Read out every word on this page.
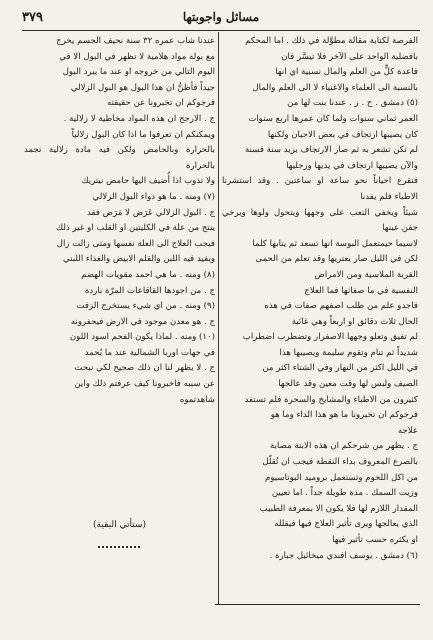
٣٧٩	مسائل واجوبتها

الفرصة لكتابة مقالة مطوَّلة في ذلك . اما المحكم

بافضلية الواحد على الآخر فلا تيسَّر فان

فاعدة كلٍّ من العلم والمال نسبية اي انها

بالنسبة الى العلماء والاغنياء لا الى العلم والمال

(٥) دمشق . ح . ز . عندنا بنت لها من

العمر ثماني سنوات ولما كان عمرها اربع سنوات

كان يصيبها ارتجاف في بعض الاحيان ولكنها

لم تكن تشعر به ثم صار الارتجاف يزيد سنة فسنة

والآن يصيبها ارتجاف في يديها ورجليها

فتقرع احياناً نحو ساعة او ساعتين . وقد استشرنا الاطباء فلم يفدنا

شيئاً ويخفي التعب على وجهها ويتحول ولوها ويرخي جفن عينها

لاسيما حيمتعمل البوسة انها تسعد ثم يتابها كلما

لكن في الليل صار يعتريها وقد تعلم من الحمى

القربة الملاسية ومن الامراض

النفسية في ما صفاتها فما العلاج

فاجدو علم من طلب اصفهم صفات في هذه

الحال ثلاث دقائق او اربعاً وهي غائبة

لم تفيق وتعلو وجهها الاصفرار وتضطرب اضطراب

شديداً ثم تنام وتقوم سليمة ويصيبها هذا

في الليل اكثر من النهار وفي الشتاء اكثر من

الصيف ولبس لها وقت معين وقد عالجها

كثيرون من الاطباء والمشايخ والسحرة فلم تستفد

فرجوكم ان تخبرونا ما هو هذا الداء وما هو

علاجه

ج . يظهر من شرحكم ان هذه الابنة مصابة

بالصرع المعروف بداء النقطة فيجب ان تُقلّل

من اكل اللحوم وتستعمل بروميد البوتاسيوم

وزيت السمك . مدة طويلة جداً . اما تعيين

المقدار اللازم لها فلا يكون الا بمعرفة الطبيب

الذي يعالجها ويرى تأثير العلاج فيها فيقلله

او يكثره حسب تأثير فيها

(٦) دمشق . يوسف افندي ميخائيل جبارة .

عندنا شاب عمره ٣٢ سنة نحيف الجسم يخرج

مع بوله مواد هلامية لا تظهر في البول الا في

اليوم التالي من خروجه او عند ما يبرد البول

جيداً فأظنُّ ان هذا البول هو البول الزلالي

فرجوكم ان تخبرونا عن حقيقته

ج . الارجح ان هذه المواد مخاطية لا زلالية .

ويمكنكم ان تعرفوا ما اذا كان البول زلالياً

بالحرارة وبالحامض ولكن فيه مادة زلالية تجمد بالحرارة

ولا تذوب اذا أُضيف اليها حامض نيتريك

(٧) ومنه . ما هو دواء البول الزلالي

ج . البول الزلالي عَرَض لا مَرَض فقد

ينتج من علة في الكليتين او القلب او غير ذلك

فيجب العلاج الى العلة نفسها ومتى زالت زال

ويفيد فيه اللبن والقلم الابيض والغذاء اللبني

(٨) ومنه . ما هي احمد مقويات الهضم

ج . من اجودها القاقاعات المرّة باردة

(٩) ومنه . من اي شيء يستخرج الزفت

ج . هو معدن موجود في الارض فيحفرونه

(١٠) ومنه . لماذا يكون الفحم اسود اللون

في جهات اوربا الشمالية عند ما يُحمد

ج . لا يظهر لنا ان ذلك صحيح لكي نبحث

عن سببه فاخبرونا كيف عرفتم ذلك واين

شاهدتموه

(ستأتي البقية)
